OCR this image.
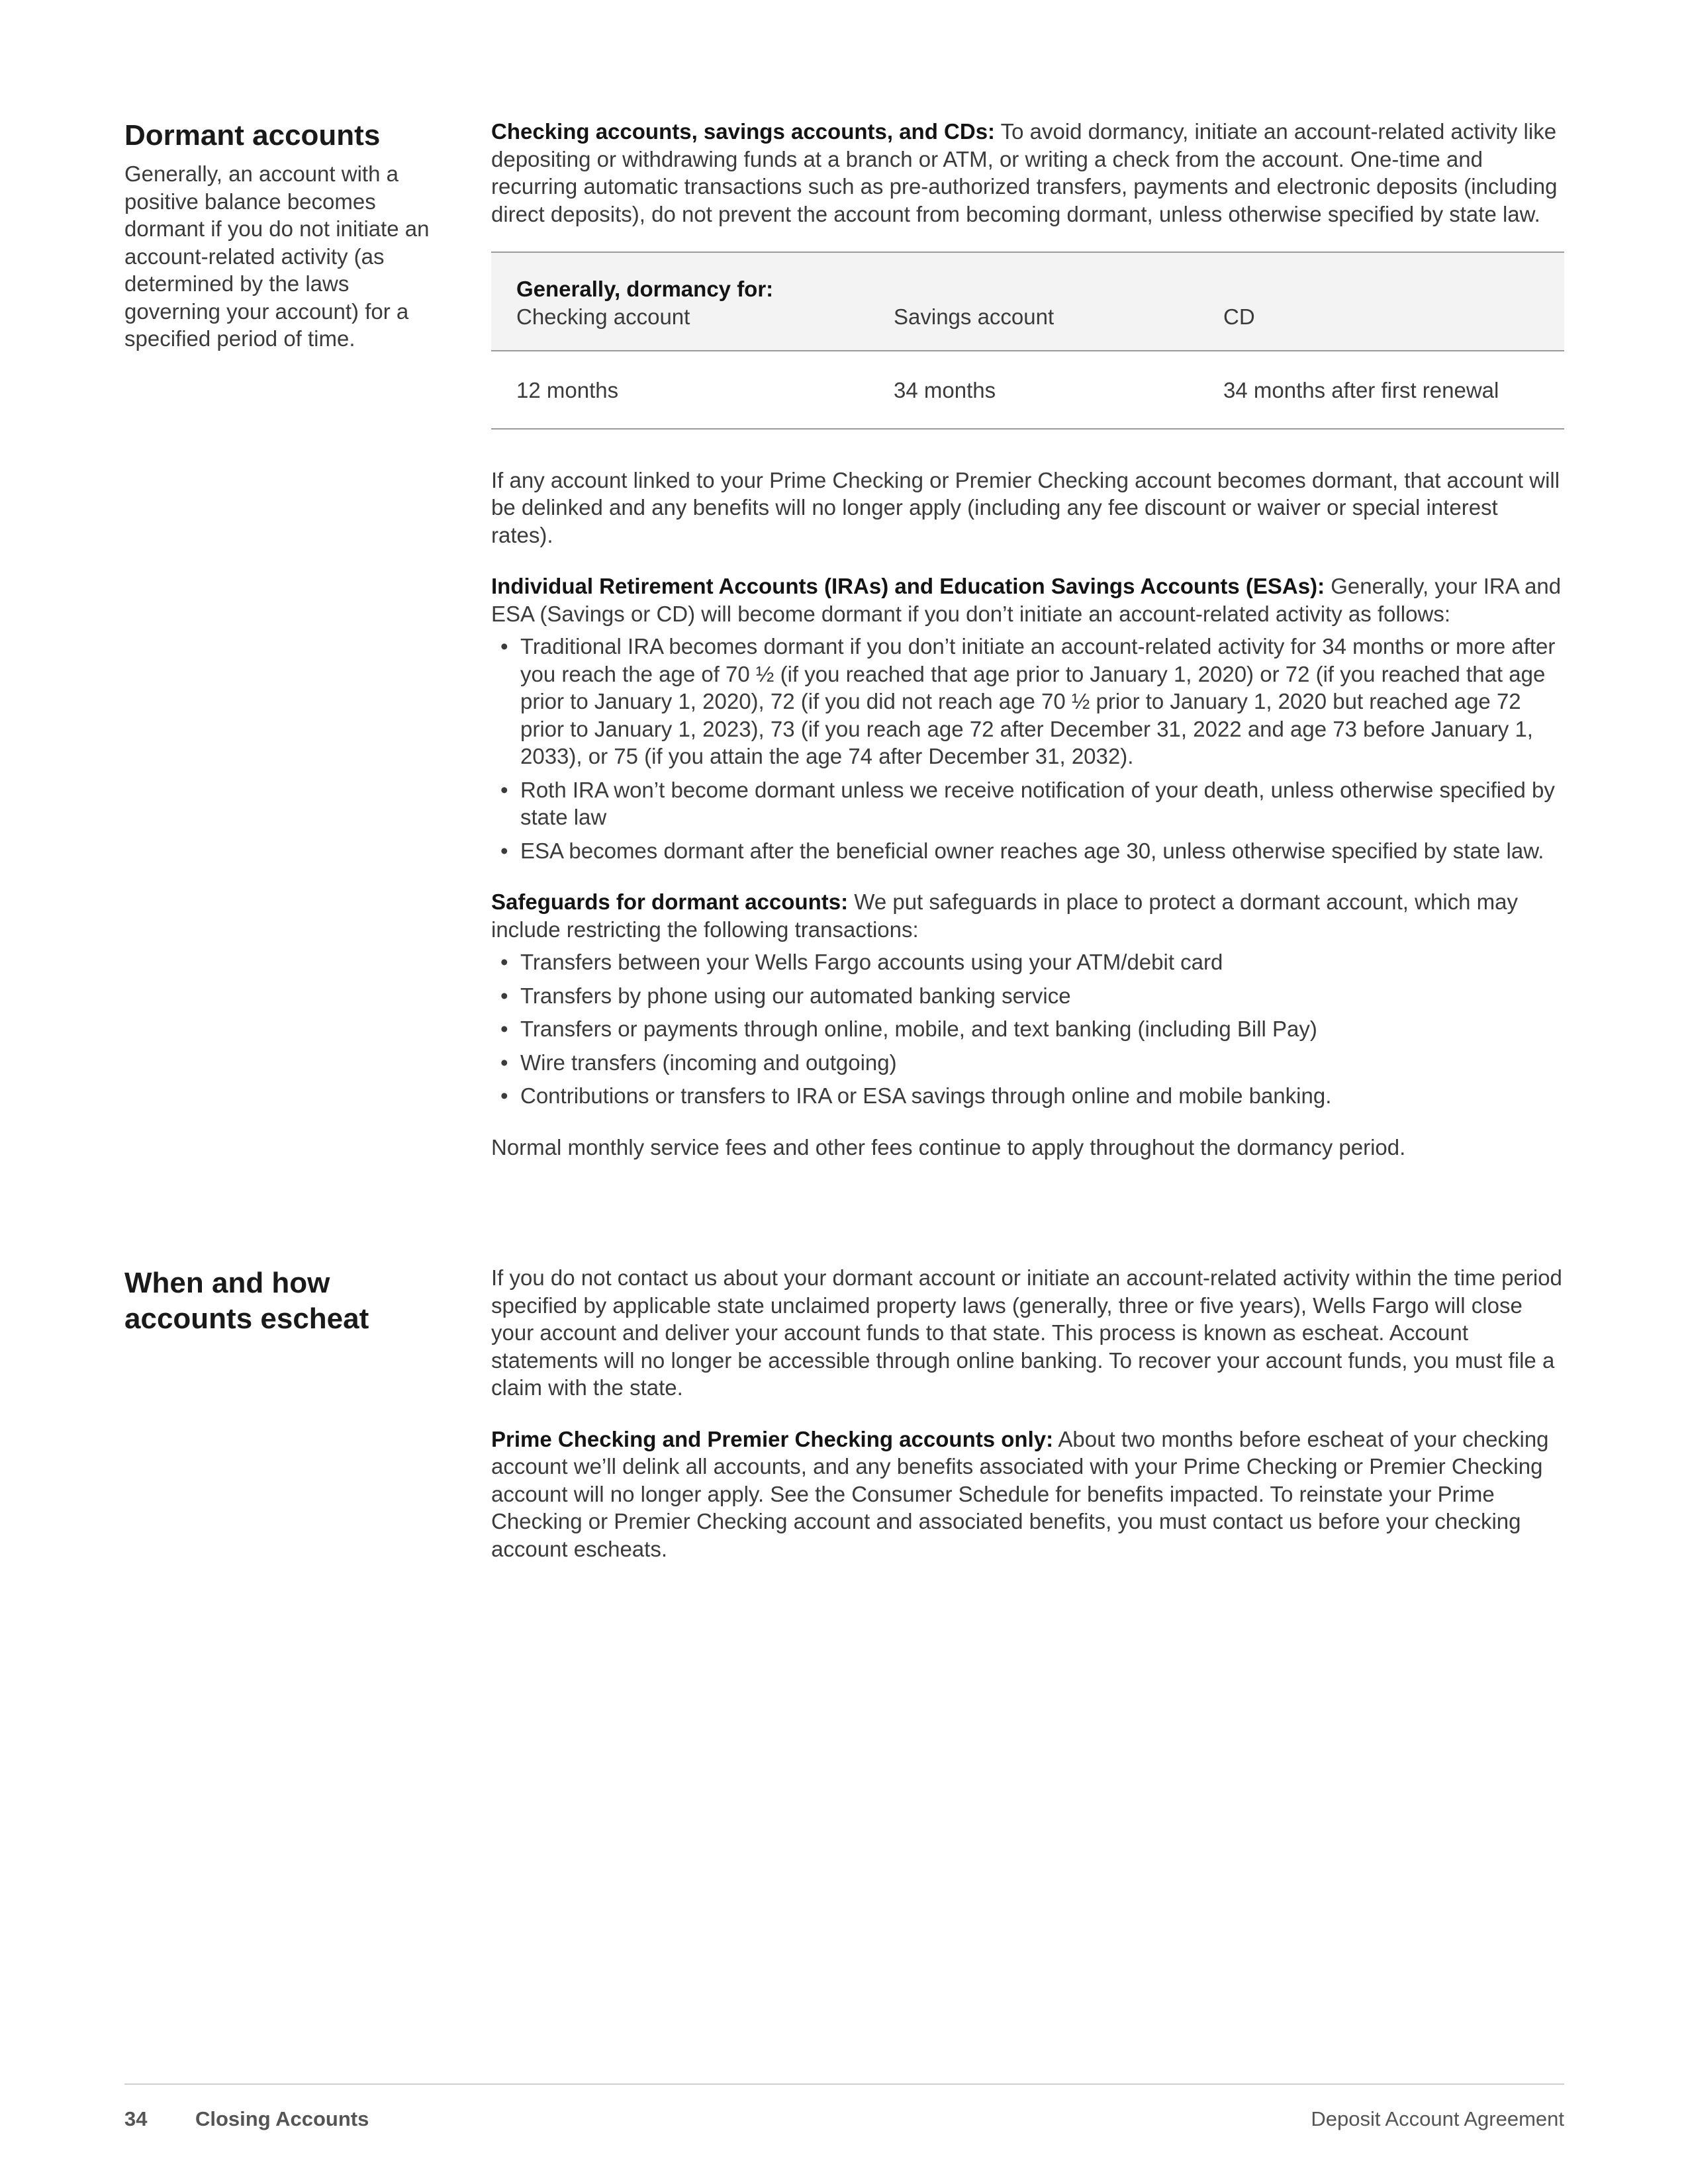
Dormant accounts

Generally, an account with a positive balance becomes dormant if you do not initiate an account-related activity (as determined by the laws governing your account) for a specified period of time.

Checking accounts, savings accounts, and CDs: To avoid dormancy, initiate an account-related activity like depositing or withdrawing funds at a branch or ATM, or writing a check from the account. One-time and recurring automatic transactions such as pre-authorized transfers, payments and electronic deposits (including direct deposits), do not prevent the account from becoming dormant, unless otherwise specified by state law.

Generally, dormancy for:
Checking account	Savings account	CD
12 months	34 months	34 months after first renewal

If any account linked to your Prime Checking or Premier Checking account becomes dormant, that account will be delinked and any benefits will no longer apply (including any fee discount or waiver or special interest rates).

Individual Retirement Accounts (IRAs) and Education Savings Accounts (ESAs): Generally, your IRA and ESA (Savings or CD) will become dormant if you don’t initiate an account-related activity as follows:

• Traditional IRA becomes dormant if you don’t initiate an account-related activity for 34 months or more after you reach the age of 70 ½ (if you reached that age prior to January 1, 2020) or 72 (if you reached that age prior to January 1, 2020), 72 (if you did not reach age 70 ½ prior to January 1, 2020 but reached age 72 prior to January 1, 2023), 73 (if you reach age 72 after December 31, 2022 and age 73 before January 1, 2033), or 75 (if you attain the age 74 after December 31, 2032).
• Roth IRA won’t become dormant unless we receive notification of your death, unless otherwise specified by state law
• ESA becomes dormant after the beneficial owner reaches age 30, unless otherwise specified by state law.

Safeguards for dormant accounts: We put safeguards in place to protect a dormant account, which may include restricting the following transactions:

• Transfers between your Wells Fargo accounts using your ATM/debit card
• Transfers by phone using our automated banking service
• Transfers or payments through online, mobile, and text banking (including Bill Pay)
• Wire transfers (incoming and outgoing)
• Contributions or transfers to IRA or ESA savings through online and mobile banking.

Normal monthly service fees and other fees continue to apply throughout the dormancy period.

When and how accounts escheat

If you do not contact us about your dormant account or initiate an account-related activity within the time period specified by applicable state unclaimed property laws (generally, three or five years), Wells Fargo will close your account and deliver your account funds to that state. This process is known as escheat. Account statements will no longer be accessible through online banking. To recover your account funds, you must file a claim with the state.

Prime Checking and Premier Checking accounts only: About two months before escheat of your checking account we’ll delink all accounts, and any benefits associated with your Prime Checking or Premier Checking account will no longer apply. See the Consumer Schedule for benefits impacted. To reinstate your Prime Checking or Premier Checking account and associated benefits, you must contact us before your checking account escheats.

34 Closing Accounts	Deposit Account Agreement
